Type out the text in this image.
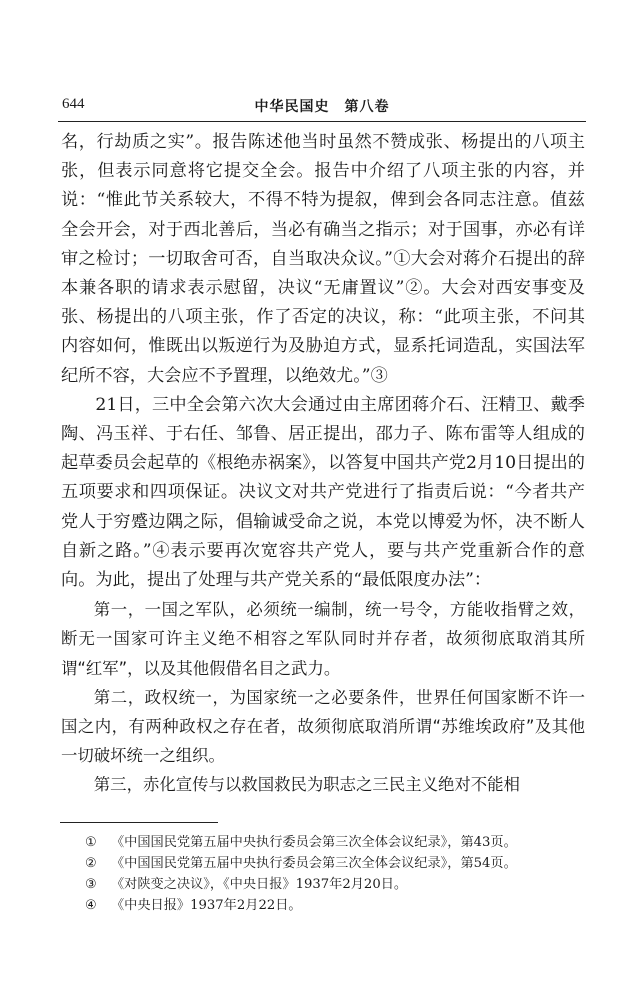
644	中华民国史　第八卷

名，行劫质之实”。报告陈述他当时虽然不赞成张、杨提出的八项主张，但表示同意将它提交全会。报告中介绍了八项主张的内容，并说：“惟此节关系较大，不得不特为提叙，俾到会各同志注意。值兹全会开会，对于西北善后，当必有确当之指示；对于国事，亦必有详审之检讨；一切取舍可否，自当取决众议。”①大会对蒋介石提出的辞本兼各职的请求表示慰留，决议“无庸置议”②。大会对西安事变及张、杨提出的八项主张，作了否定的决议，称：“此项主张，不问其内容如何，惟既出以叛逆行为及胁迫方式，显系托词造乱，实国法军纪所不容，大会应不予置理，以绝效尤。”③

21日，三中全会第六次大会通过由主席团蒋介石、汪精卫、戴季陶、冯玉祥、于右任、邹鲁、居正提出，邵力子、陈布雷等人组成的起草委员会起草的《根绝赤祸案》，以答复中国共产党2月10日提出的五项要求和四项保证。决议文对共产党进行了指责后说：“今者共产党人于穷蹙边隅之际，倡输诚受命之说，本党以博爱为怀，决不断人自新之路。”④表示要再次宽容共产党人，要与共产党重新合作的意向。为此，提出了处理与共产党关系的“最低限度办法”：

第一，一国之军队，必须统一编制，统一号令，方能收指臂之效，断无一国家可许主义绝不相容之军队同时并存者，故须彻底取消其所谓“红军”，以及其他假借名目之武力。

第二，政权统一，为国家统一之必要条件，世界任何国家断不许一国之内，有两种政权之存在者，故须彻底取消所谓“苏维埃政府”及其他一切破坏统一之组织。

第三，赤化宣传与以救国救民为职志之三民主义绝对不能相

① 《中国国民党第五届中央执行委员会第三次全体会议纪录》，第43页。
② 《中国国民党第五届中央执行委员会第三次全体会议纪录》，第54页。
③ 《对陕变之决议》，《中央日报》1937年2月20日。
④ 《中央日报》1937年2月22日。
